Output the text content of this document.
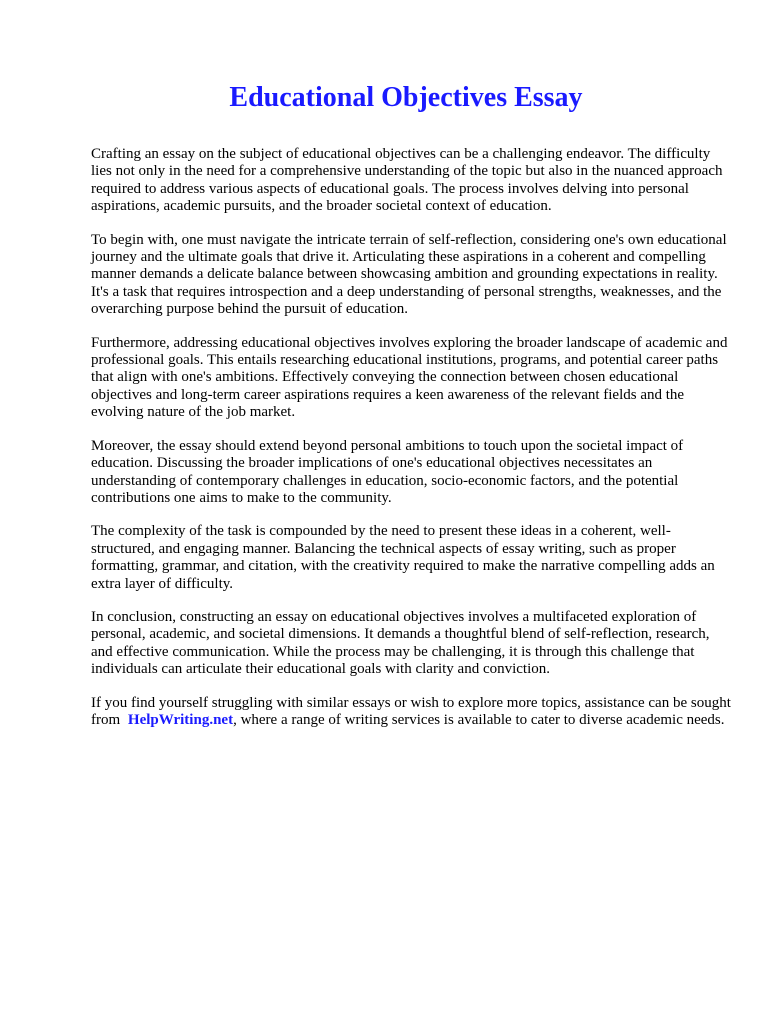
Educational Objectives Essay

Crafting an essay on the subject of educational objectives can be a challenging endeavor. The difficulty lies not only in the need for a comprehensive understanding of the topic but also in the nuanced approach required to address various aspects of educational goals. The process involves delving into personal aspirations, academic pursuits, and the broader societal context of education.

To begin with, one must navigate the intricate terrain of self-reflection, considering one's own educational journey and the ultimate goals that drive it. Articulating these aspirations in a coherent and compelling manner demands a delicate balance between showcasing ambition and grounding expectations in reality. It's a task that requires introspection and a deep understanding of personal strengths, weaknesses, and the overarching purpose behind the pursuit of education.

Furthermore, addressing educational objectives involves exploring the broader landscape of academic and professional goals. This entails researching educational institutions, programs, and potential career paths that align with one's ambitions. Effectively conveying the connection between chosen educational objectives and long-term career aspirations requires a keen awareness of the relevant fields and the evolving nature of the job market.

Moreover, the essay should extend beyond personal ambitions to touch upon the societal impact of education. Discussing the broader implications of one's educational objectives necessitates an understanding of contemporary challenges in education, socio-economic factors, and the potential contributions one aims to make to the community.

The complexity of the task is compounded by the need to present these ideas in a coherent, well-structured, and engaging manner. Balancing the technical aspects of essay writing, such as proper formatting, grammar, and citation, with the creativity required to make the narrative compelling adds an extra layer of difficulty.

In conclusion, constructing an essay on educational objectives involves a multifaceted exploration of personal, academic, and societal dimensions. It demands a thoughtful blend of self-reflection, research, and effective communication. While the process may be challenging, it is through this challenge that individuals can articulate their educational goals with clarity and conviction.

If you find yourself struggling with similar essays or wish to explore more topics, assistance can be sought from HelpWriting.net, where a range of writing services is available to cater to diverse academic needs.
